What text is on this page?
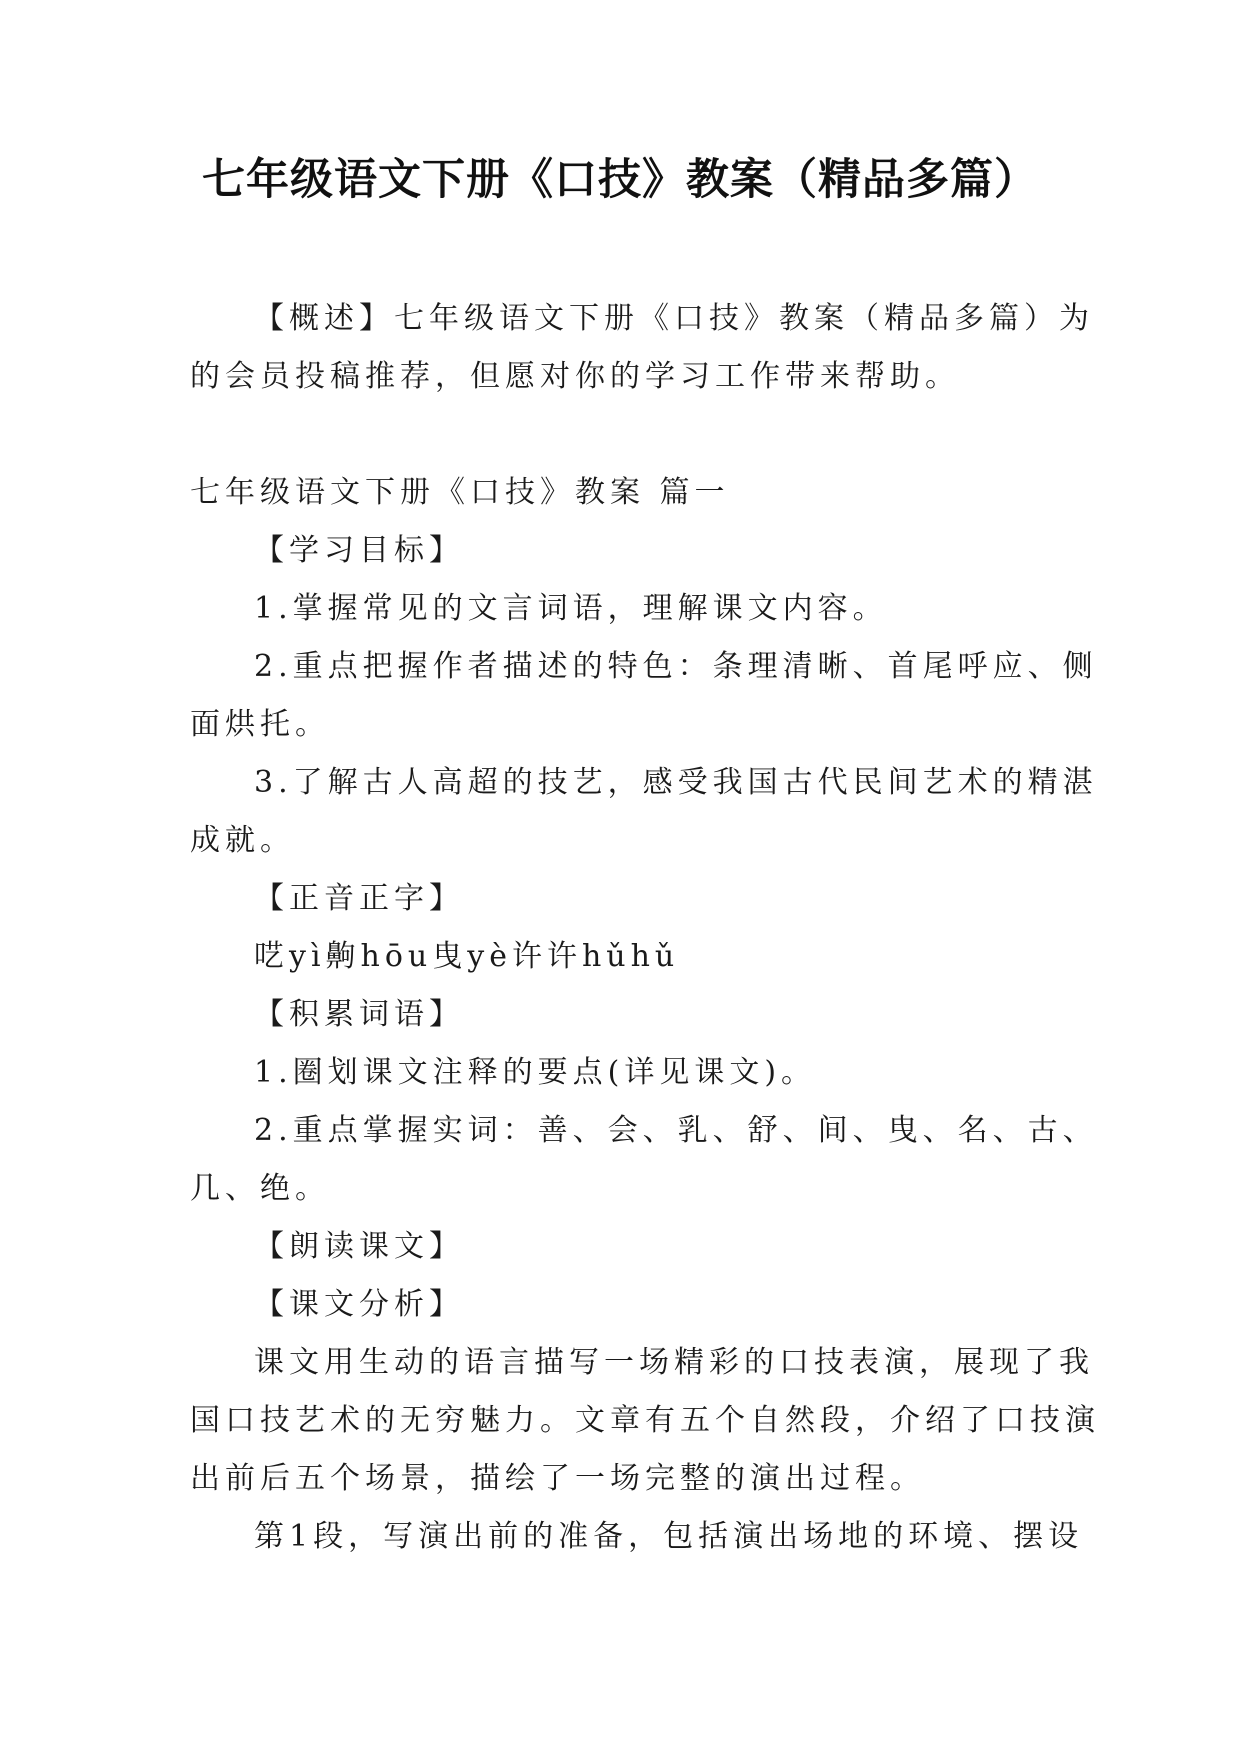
七年级语文下册《口技》教案（精品多篇）

【概述】七年级语文下册《口技》教案（精品多篇）为

的会员投稿推荐，但愿对你的学习工作带来帮助。

七年级语文下册《口技》教案 篇一

【学习目标】

1.掌握常见的文言词语，理解课文内容。

2.重点把握作者描述的特色：条理清晰、首尾呼应、侧

面烘托。

3.了解古人高超的技艺，感受我国古代民间艺术的精湛

成就。

【正音正字】

呓yì齁hōu曳yè许许hǔhǔ

【积累词语】

1.圈划课文注释的要点(详见课文)。

2.重点掌握实词：善、会、乳、舒、间、曳、名、古、

几、绝。

【朗读课文】

【课文分析】

课文用生动的语言描写一场精彩的口技表演，展现了我

国口技艺术的无穷魅力。文章有五个自然段，介绍了口技演

出前后五个场景，描绘了一场完整的演出过程。

第1段，写演出前的准备，包括演出场地的环境、摆设
